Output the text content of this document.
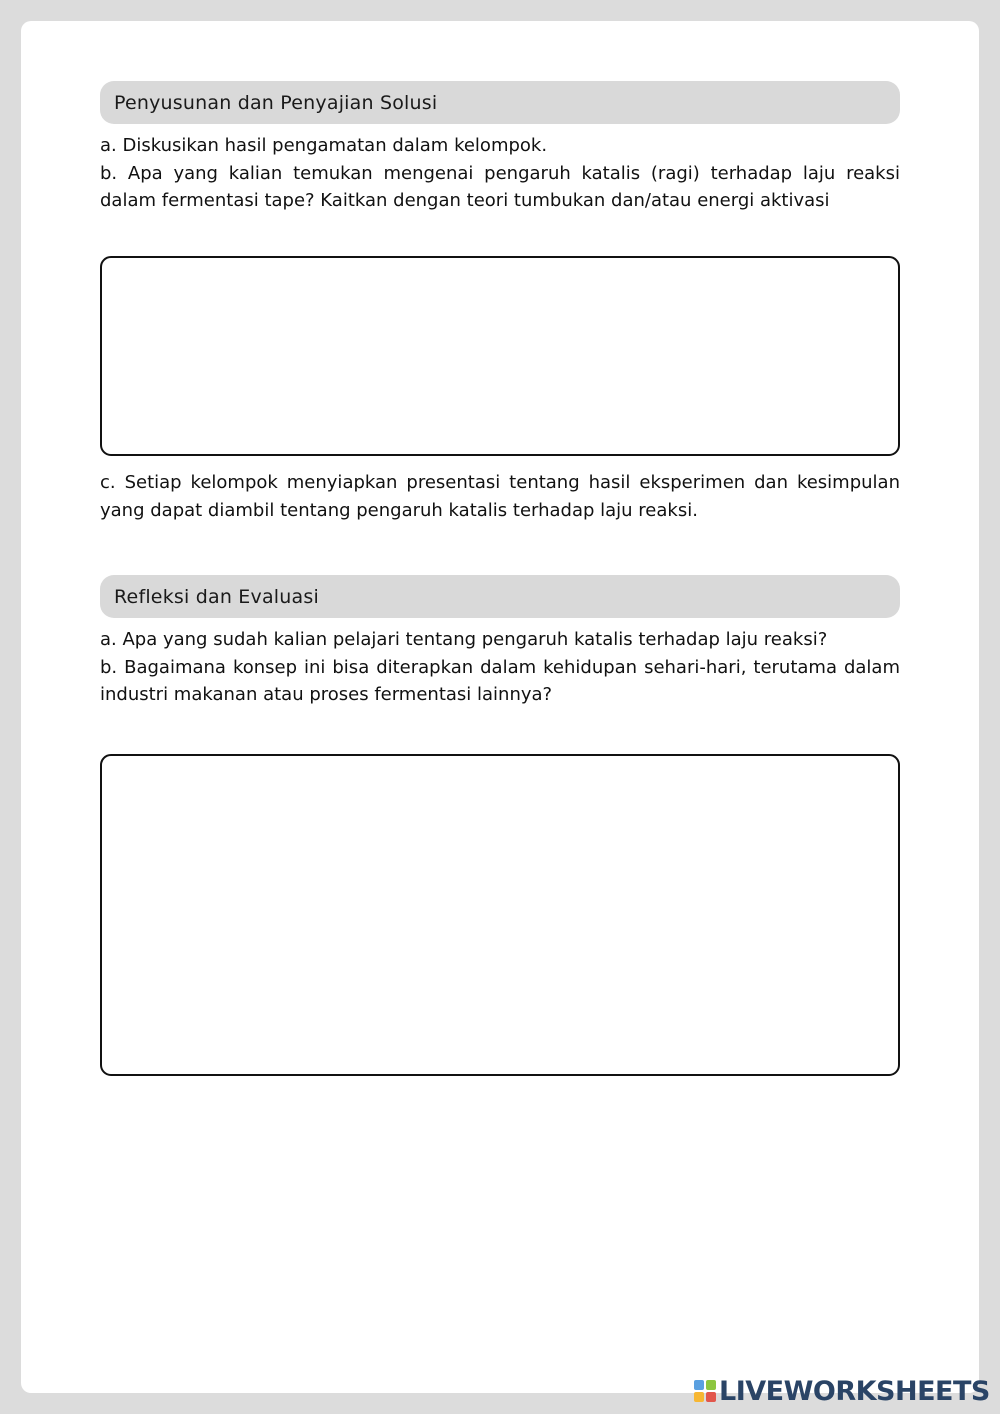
Penyusunan dan Penyajian Solusi

a. Diskusikan hasil pengamatan dalam kelompok.

b. Apa yang kalian temukan mengenai pengaruh katalis (ragi) terhadap laju reaksi dalam fermentasi tape? Kaitkan dengan teori tumbukan dan/atau energi aktivasi

c. Setiap kelompok menyiapkan presentasi tentang hasil eksperimen dan kesimpulan yang dapat diambil tentang pengaruh katalis terhadap laju reaksi.

Refleksi dan Evaluasi

a. Apa yang sudah kalian pelajari tentang pengaruh katalis terhadap laju reaksi?

b. Bagaimana konsep ini bisa diterapkan dalam kehidupan sehari-hari, terutama dalam industri makanan atau proses fermentasi lainnya?

LIVEWORKSHEETS
